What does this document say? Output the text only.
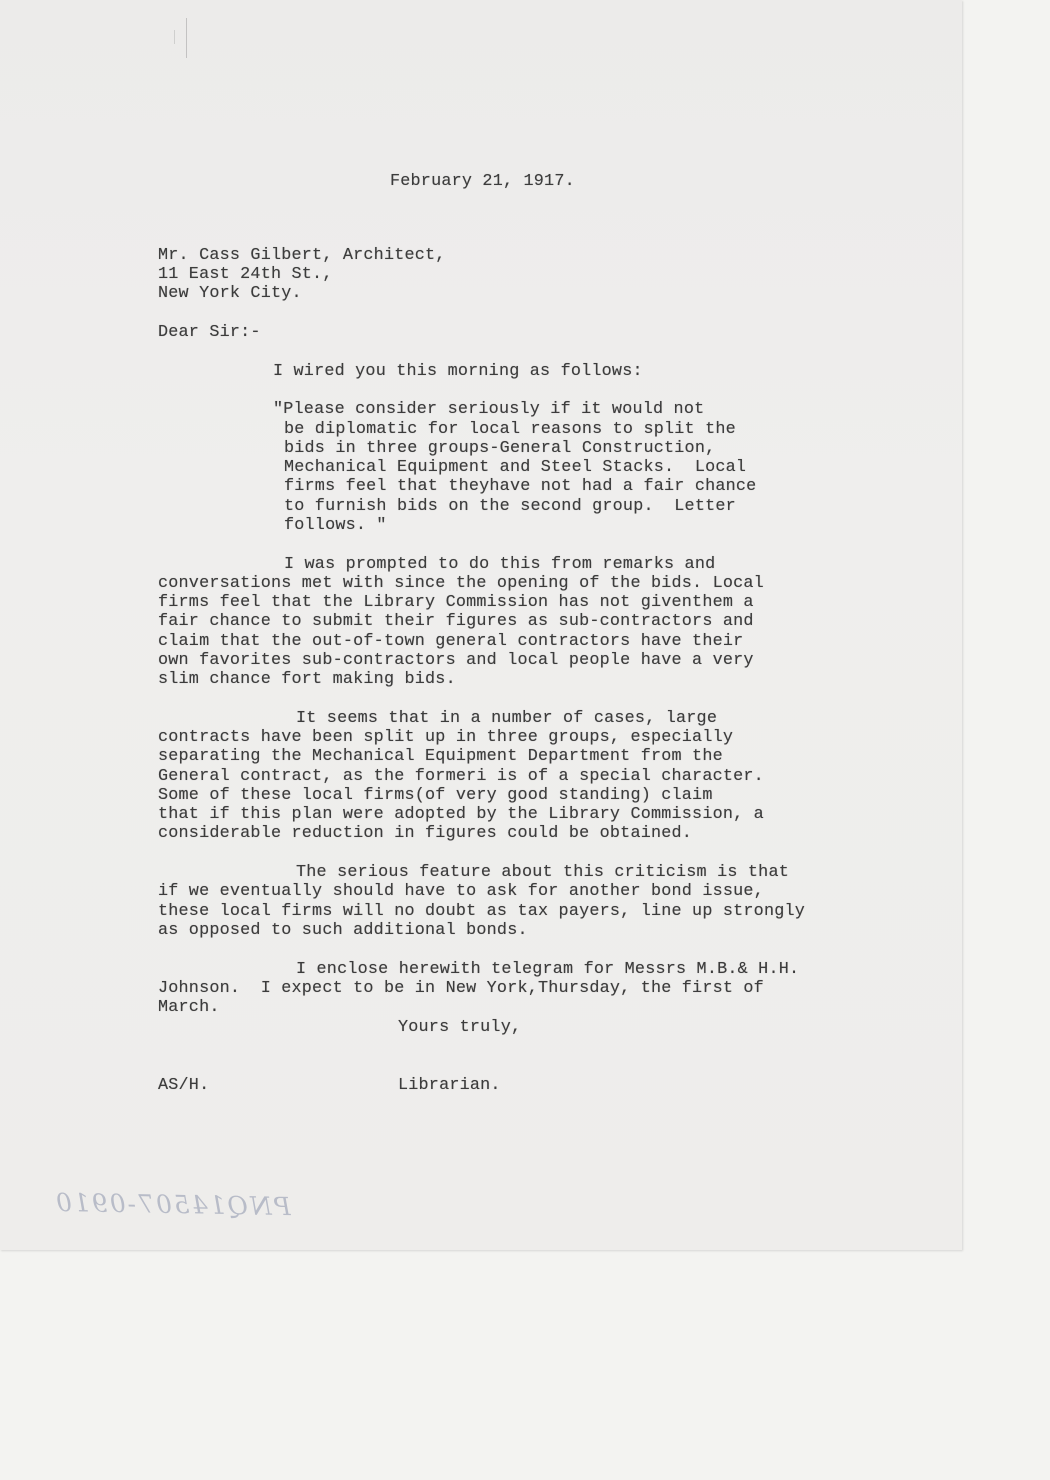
February 21, 1917.

Mr. Cass Gilbert, Architect,

11 East 24th St.,

New York City.

Dear Sir:-

I wired you this morning as follows:

"Please consider seriously if it would not

be diplomatic for local reasons to split the

bids in three groups-General Construction,

Mechanical Equipment and Steel Stacks.  Local

firms feel that theyhave not had a fair chance

to furnish bids on the second group.  Letter

follows. "

I was prompted to do this from remarks and

conversations met with since the opening of the bids. Local

firms feel that the Library Commission has not giventhem a

fair chance to submit their figures as sub-contractors and

claim that the out-of-town general contractors have their

own favorites sub-contractors and local people have a very

slim chance fort making bids.

It seems that in a number of cases, large

contracts have been split up in three groups, especially

separating the Mechanical Equipment Department from the

General contract, as the formeri is of a special character.

Some of these local firms(of very good standing) claim

that if this plan were adopted by the Library Commission, a

considerable reduction in figures could be obtained.

The serious feature about this criticism is that

if we eventually should have to ask for another bond issue,

these local firms will no doubt as tax payers, line up strongly

as opposed to such additional bonds.

I enclose herewith telegram for Messrs M.B.& H.H.

Johnson.  I expect to be in New York,Thursday, the first of

March.

Yours truly,

AS/H.	Librarian.

PNQ14507-0910
